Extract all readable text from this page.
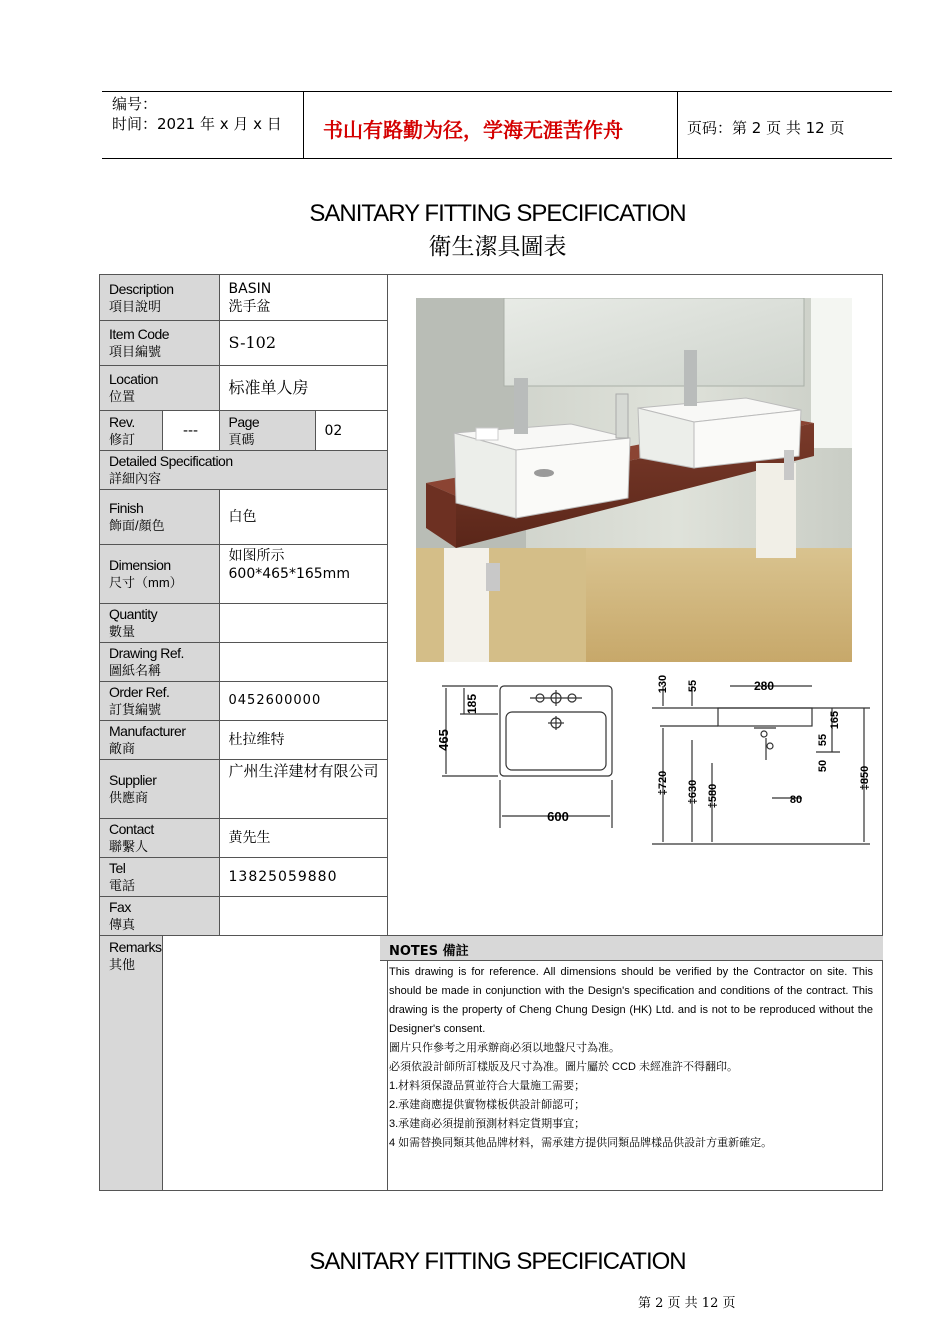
编号：
时间：2021 年 x 月 x 日 书山有路勤为径，学海无涯苦作舟	页码：第 2 页 共 12 页
SANITARY FITTING SPECIFICATION
衛生潔具圖表
Description
項目說明		BASIN
洗手盆	

Item Code
項目編號		S-102	

Location
位置		标准单人房	

Rev.
修訂	---	Page
頁碼	02

Detailed Specification
詳細內容			

Finish
飾面/顏色		白色	

Dimension
尺寸（mm）		如图所示
600*465*165mm	

Quantity
數量			

Drawing Ref.
圖紙名稱			

Order Ref.
訂貨編號		0452600000	

Manufacturer
敵商		杜拉维特	

Supplier
供應商		广州生洋建材有限公司	

Contact
聯繫人		黄先生	

Tel
電話		13825059880	

Fax
傳真			

Remarks
其他			
465
185
600
130 55	280
165
55
50
‡720 ‡630 ‡580	80
‡850
NOTES 備註
This drawing is for reference. All dimensions should be verified by the Contractor on site. This should be made in conjunction with the Design's specification and conditions of the contract. This drawing is the property of Cheng Chung Design (HK) Ltd. and is not to be reproduced without the Designer's consent.
圖片只作參考之用承辦商必須以地盤尺寸為准。
必須依設計師所訂樣版及尺寸為准。圖片屬於 CCD 未經准許不得翻印。
1.材料須保證品質並符合大量施工需要；
2.承建商應提供實物樣板供設計師認可；
3.承建商必須提前預測材料定貨期事宜；
4 如需替換同類其他品牌材料，需承建方提供同類品牌樣品供設計方重新確定。
SANITARY FITTING SPECIFICATION
第 2 页 共 12 页
